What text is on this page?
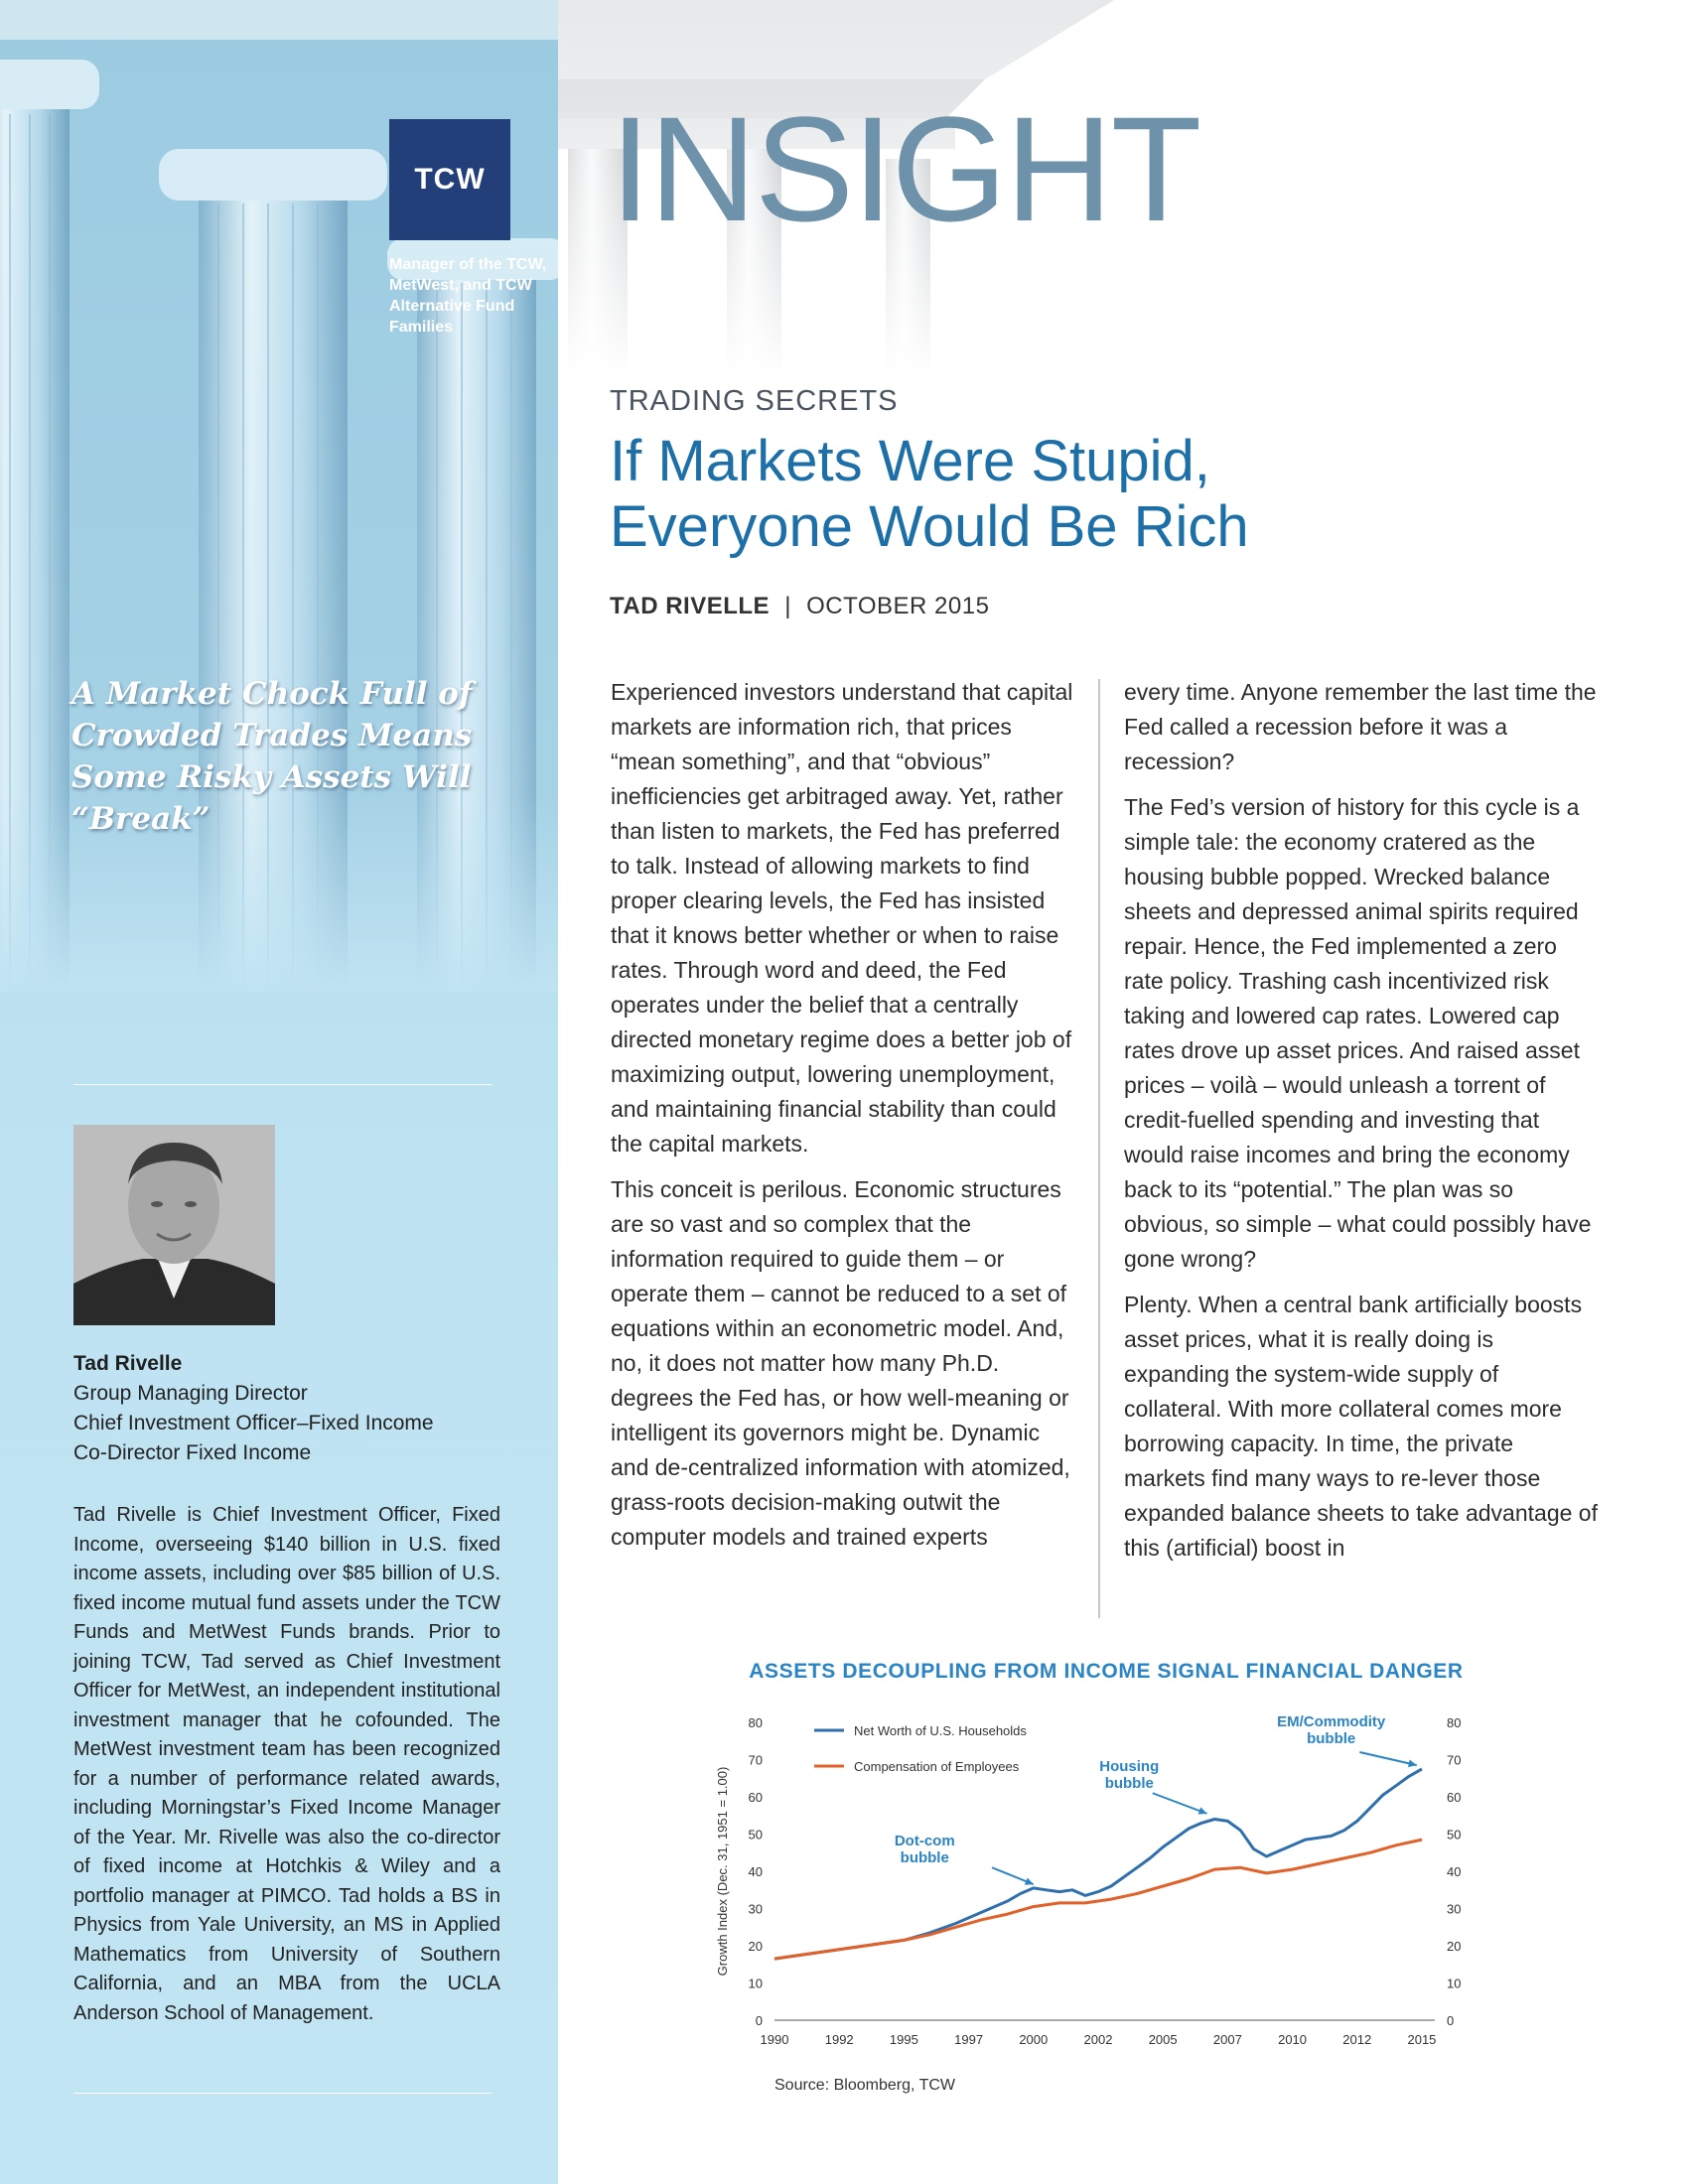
TCW
Manager of the TCW, MetWest, and TCW Alternative Fund Families
A Market Chock Full of Crowded Trades Means Some Risky Assets Will “Break”
Tad Rivelle
Group Managing Director
Chief Investment Officer–Fixed Income
Co-Director Fixed Income
Tad Rivelle is Chief Investment Officer, Fixed Income, overseeing $140 billion in U.S. fixed income assets, including over $85 billion of U.S. fixed income mutual fund assets under the TCW Funds and MetWest Funds brands. Prior to joining TCW, Tad served as Chief Investment Officer for MetWest, an independent institutional investment manager that he cofounded. The MetWest investment team has been recognized for a number of performance related awards, including Morningstar’s Fixed Income Manager of the Year. Mr. Rivelle was also the co-director of fixed income at Hotchkis & Wiley and a portfolio manager at PIMCO. Tad holds a BS in Physics from Yale University, an MS in Applied Mathematics from University of Southern California, and an MBA from the UCLA Anderson School of Management.
INSIGHT
TRADING SECRETS
If Markets Were Stupid,
Everyone Would Be Rich
TAD RIVELLE | OCTOBER 2015

Experienced investors understand that capital markets are information rich, that prices “mean something”, and that “obvious” inefficiencies get arbitraged away. Yet, rather than listen to markets, the Fed has preferred to talk. Instead of allowing markets to find proper clearing levels, the Fed has insisted that it knows better whether or when to raise rates. Through word and deed, the Fed operates under the belief that a centrally directed monetary regime does a better job of maximizing output, lowering unemployment, and maintaining financial stability than could the capital markets.

This conceit is perilous. Economic structures are so vast and so complex that the information required to guide them – or operate them – cannot be reduced to a set of equations within an econometric model. And, no, it does not matter how many Ph.D. degrees the Fed has, or how well-meaning or intelligent its governors might be. Dynamic and de-centralized information with atomized, grass-roots decision-making outwit the computer models and trained experts

every time. Anyone remember the last time the Fed called a recession before it was a recession?

The Fed’s version of history for this cycle is a simple tale: the economy cratered as the housing bubble popped. Wrecked balance sheets and depressed animal spirits required repair. Hence, the Fed implemented a zero rate policy. Trashing cash incentivized risk taking and lowered cap rates. Lowered cap rates drove up asset prices. And raised asset prices – voilà – would unleash a torrent of credit-fuelled spending and investing that would raise incomes and bring the economy back to its “potential.” The plan was so obvious, so simple – what could possibly have gone wrong?

Plenty. When a central bank artificially boosts asset prices, what it is really doing is expanding the system-wide supply of collateral. With more collateral comes more borrowing capacity. In time, the private markets find many ways to re-lever those expanded balance sheets to take advantage of this (artificial) boost in

ASSETS DECOUPLING FROM INCOME SIGNAL FINANCIAL DANGER
0	0
10	10
20	20
30	30
40	40
50	50
60	60
70	70
80	80
1990	1992	1995	1997	2000	2002	2005	2007	2010	2012	2015
Growth Index (Dec. 31, 1951 = 1.00)
Net Worth of U.S. Households
Compensation of Employees
Dot-com
bubble
Housing
bubble
EM/Commodity
bubble
Source: Bloomberg, TCW
